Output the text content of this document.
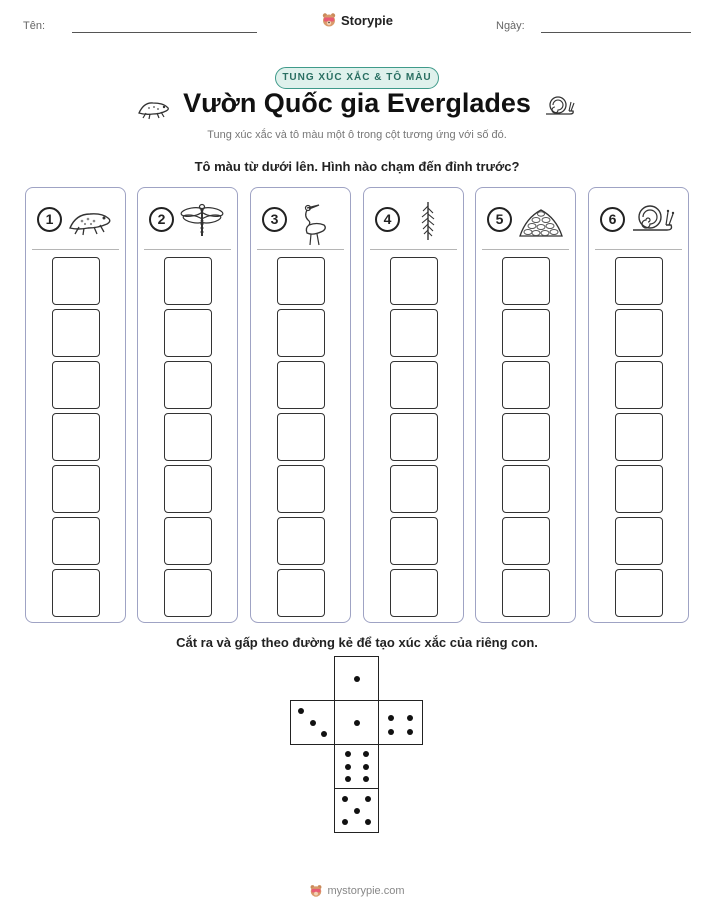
Tên:	Storypie	Ngày:
TUNG XÚC XẮC & TÔ MÀU
Vườn Quốc gia Everglades
Tung xúc xắc và tô màu một ô trong cột tương ứng với số đó.
Tô màu từ dưới lên. Hình nào chạm đến đỉnh trước?
1	2	3	4	5	6
Cắt ra và gấp theo đường kẻ để tạo xúc xắc của riêng con.
mystorypie.com
